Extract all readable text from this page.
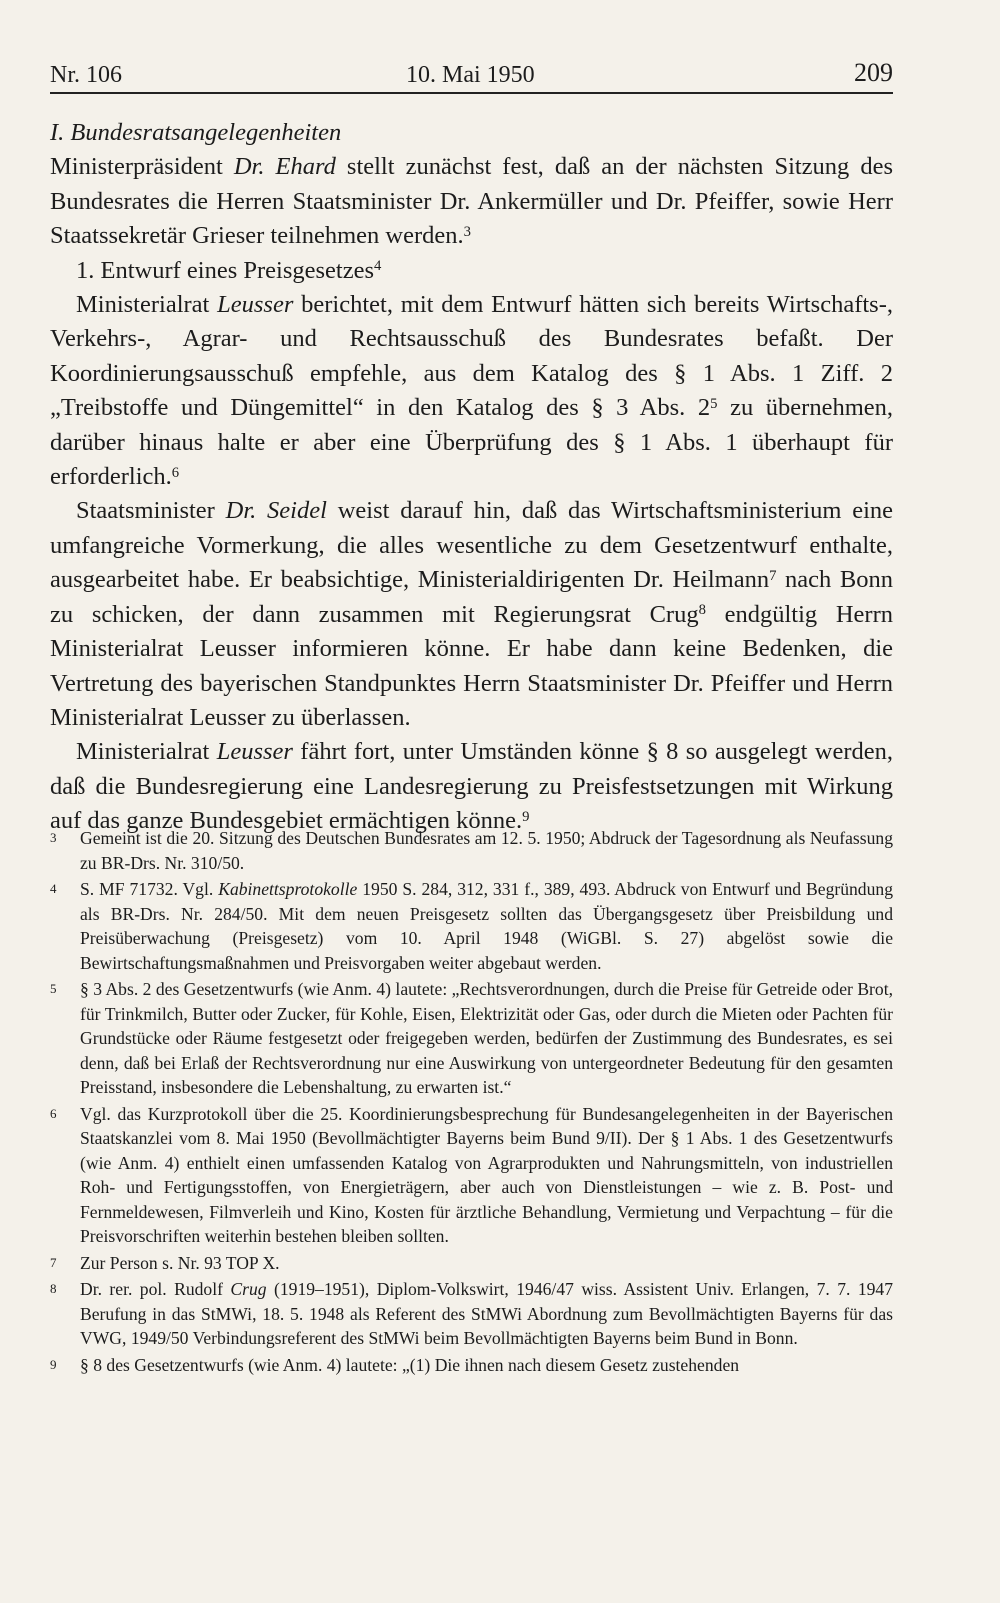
Nr. 106	10. Mai 1950	209

I. Bundesratsangelegenheiten

Ministerpräsident Dr. Ehard stellt zunächst fest, daß an der nächsten Sitzung des Bundesrates die Herren Staatsminister Dr. Ankermüller und Dr. Pfeiffer, sowie Herr Staatssekretär Grieser teilnehmen werden.$^3$

1. Entwurf eines Preisgesetzes$^4$

Ministerialrat Leusser berichtet, mit dem Entwurf hätten sich bereits Wirtschafts-, Verkehrs-, Agrar- und Rechtsausschuß des Bundesrates befaßt. Der Koordinierungsausschuß empfehle, aus dem Katalog des § 1 Abs. 1 Ziff. 2 „Treibstoffe und Düngemittel“ in den Katalog des § 3 Abs. $2^5$ zu übernehmen, darüber hinaus halte er aber eine Überprüfung des § 1 Abs. 1 überhaupt für erforderlich.$^6$

Staatsminister Dr. Seidel weist darauf hin, daß das Wirtschaftsministerium eine umfangreiche Vormerkung, die alles wesentliche zu dem Gesetzentwurf enthalte, ausgearbeitet habe. Er beabsichtige, Ministerialdirigenten Dr. Heilmann$^7$ nach Bonn zu schicken, der dann zusammen mit Regierungsrat Crug$^8$ endgültig Herrn Ministerialrat Leusser informieren könne. Er habe dann keine Bedenken, die Vertretung des bayerischen Standpunktes Herrn Staatsminister Dr. Pfeiffer und Herrn Ministerialrat Leusser zu überlassen.

Ministerialrat Leusser fährt fort, unter Umständen könne § 8 so ausgelegt werden, daß die Bundesregierung eine Landesregierung zu Preisfestsetzungen mit Wirkung auf das ganze Bundesgebiet ermächtigen könne.$^9$

3 Gemeint ist die 20. Sitzung des Deutschen Bundesrates am 12. 5. 1950; Abdruck der Tagesordnung als Neufassung zu BR-Drs. Nr. 310/50.

4 S. MF 71732. Vgl. Kabinettsprotokolle 1950 S. 284, 312, 331 f., 389, 493. Abdruck von Entwurf und Begründung als BR-Drs. Nr. 284/50. Mit dem neuen Preisgesetz sollten das Übergangsgesetz über Preisbildung und Preisüberwachung (Preisgesetz) vom 10. April 1948 (WiGBl. S. 27) abgelöst sowie die Bewirtschaftungsmaßnahmen und Preisvorgaben weiter abgebaut werden.

5 § 3 Abs. 2 des Gesetzentwurfs (wie Anm. 4) lautete: „Rechtsverordnungen, durch die Preise für Getreide oder Brot, für Trinkmilch, Butter oder Zucker, für Kohle, Eisen, Elektrizität oder Gas, oder durch die Mieten oder Pachten für Grundstücke oder Räume festgesetzt oder freigegeben werden, bedürfen der Zustimmung des Bundesrates, es sei denn, daß bei Erlaß der Rechtsverordnung nur eine Auswirkung von untergeordneter Bedeutung für den gesamten Preisstand, insbesondere die Lebenshaltung, zu erwarten ist.“

6 Vgl. das Kurzprotokoll über die 25. Koordinierungsbesprechung für Bundesangelegenheiten in der Bayerischen Staatskanzlei vom 8. Mai 1950 (Bevollmächtigter Bayerns beim Bund 9/II). Der § 1 Abs. 1 des Gesetzentwurfs (wie Anm. 4) enthielt einen umfassenden Katalog von Agrarprodukten und Nahrungsmitteln, von industriellen Roh- und Fertigungsstoffen, von Energieträgern, aber auch von Dienstleistungen – wie z. B. Post- und Fernmeldewesen, Filmverleih und Kino, Kosten für ärztliche Behandlung, Vermietung und Verpachtung – für die Preisvorschriften weiterhin bestehen bleiben sollten.

7 Zur Person s. Nr. 93 TOP X.

8 Dr. rer. pol. Rudolf Crug (1919–1951), Diplom-Volkswirt, 1946/47 wiss. Assistent Univ. Erlangen, 7. 7. 1947 Berufung in das StMWi, 18. 5. 1948 als Referent des StMWi Abordnung zum Bevollmächtigten Bayerns für das VWG, 1949/50 Verbindungsreferent des StMWi beim Bevollmächtigten Bayerns beim Bund in Bonn.

9 § 8 des Gesetzentwurfs (wie Anm. 4) lautete: „(1) Die ihnen nach diesem Gesetz zustehenden
